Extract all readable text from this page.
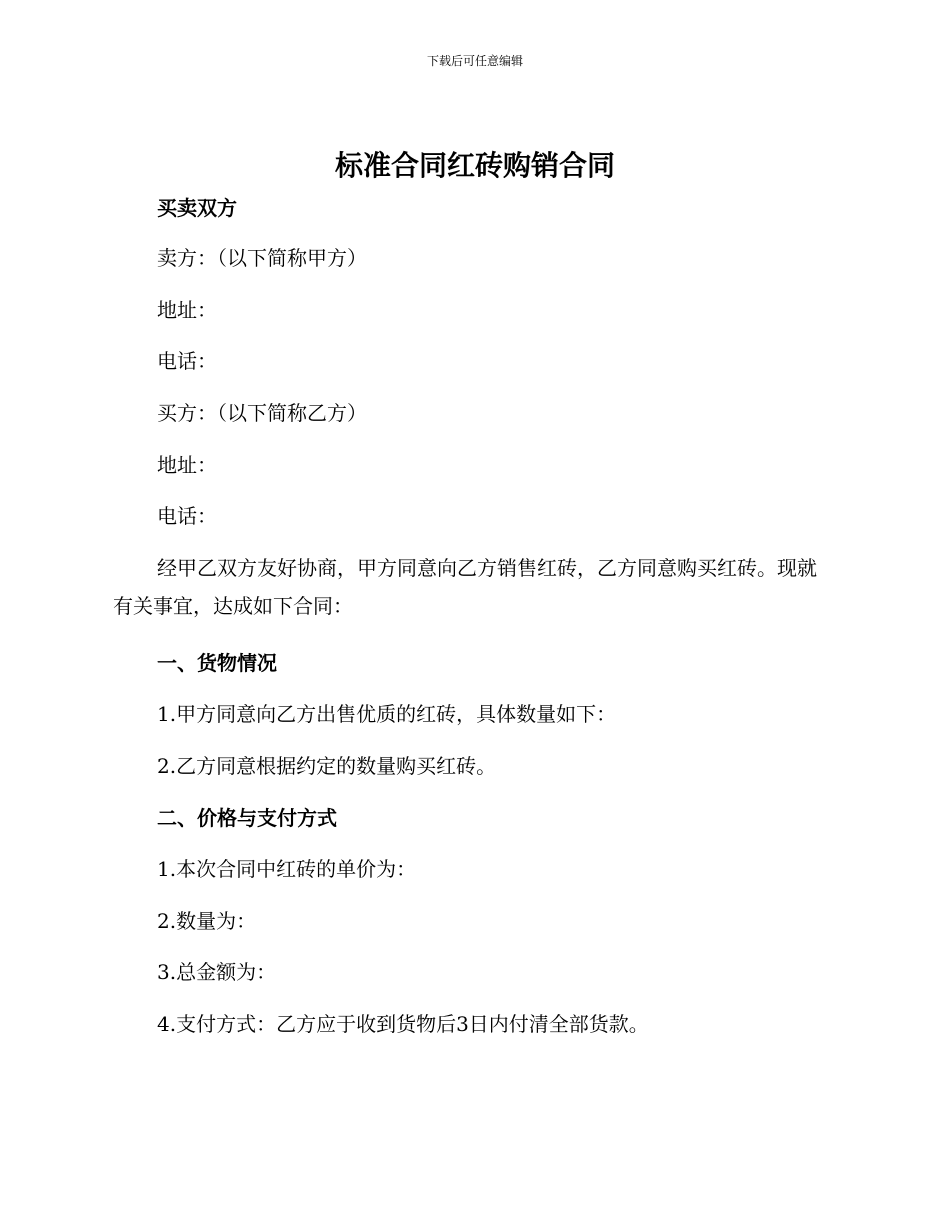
下载后可任意编辑
标准合同红砖购销合同

买卖双方

卖方：（以下简称甲方）

地址：

电话：

买方：（以下简称乙方）

地址：

电话：

经甲乙双方友好协商，甲方同意向乙方销售红砖，乙方同意购买红砖。现就有关事宜，达成如下合同：

一、货物情况

1.甲方同意向乙方出售优质的红砖，具体数量如下：

2.乙方同意根据约定的数量购买红砖。

二、价格与支付方式

1.本次合同中红砖的单价为：

2.数量为：

3.总金额为：

4.支付方式：乙方应于收到货物后3日内付清全部货款。
